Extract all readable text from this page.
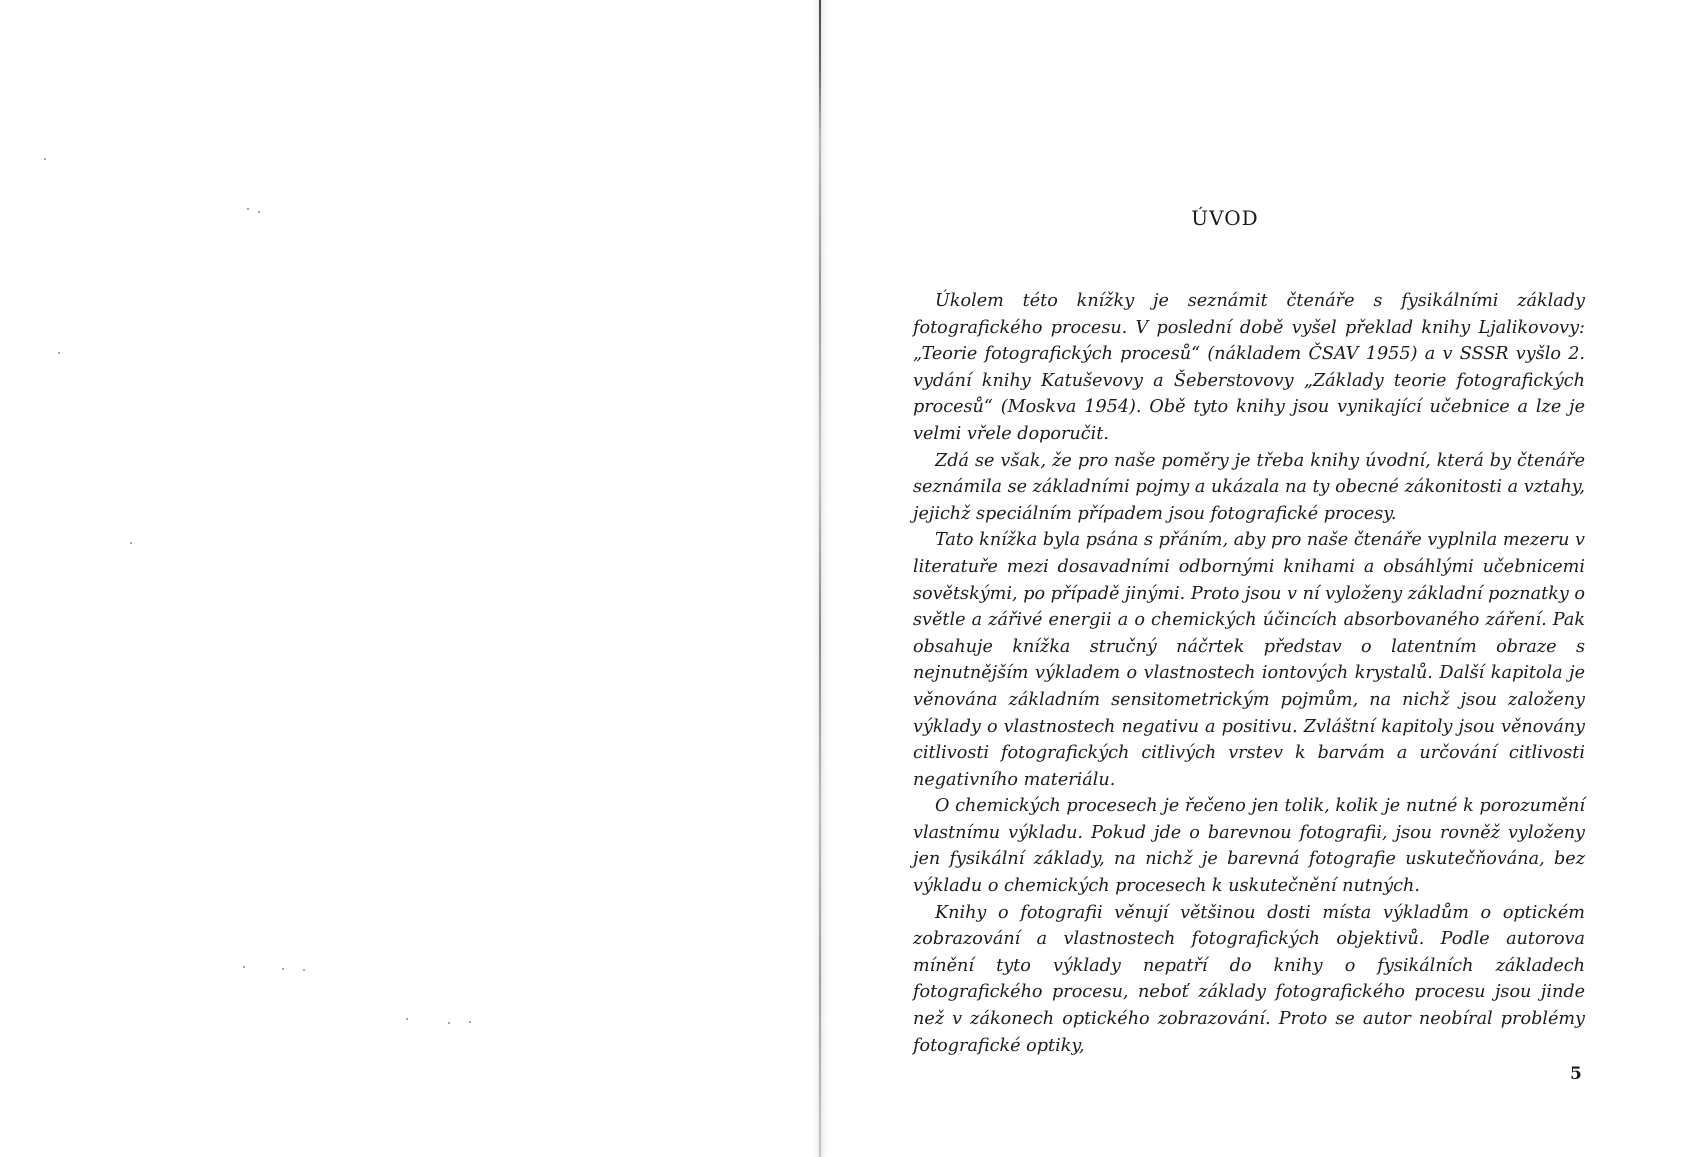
ÚVOD

Úkolem této knížky je seznámit čtenáře s fysikálními základy fotografického procesu. V poslední době vyšel překlad knihy Ljalikovovy: „Teorie fotografických procesů“ (nákladem ČSAV 1955) a v SSSR vyšlo 2. vydání knihy Katuševovy a Šeberstovovy „Základy teorie fotografických procesů“ (Moskva 1954). Obě tyto knihy jsou vynikající učebnice a lze je velmi vřele doporučit.

Zdá se však, že pro naše poměry je třeba knihy úvodní, která by čtenáře seznámila se základními pojmy a ukázala na ty obecné zákonitosti a vztahy, jejichž speciálním případem jsou fotografické procesy.

Tato knížka byla psána s přáním, aby pro naše čtenáře vyplnila mezeru v literatuře mezi dosavadními odbornými knihami a obsáhlými učebnicemi sovětskými, po případě jinými. Proto jsou v ní vyloženy základní poznatky o světle a zářivé energii a o chemických účincích absorbovaného záření. Pak obsahuje knížka stručný náčrtek představ o latentním obraze s nejnutnějším výkladem o vlastnostech iontových krystalů. Další kapitola je věnována základním sensitometrickým pojmům, na nichž jsou založeny výklady o vlastnostech negativu a positivu. Zvláštní kapitoly jsou věnovány citlivosti fotografických citlivých vrstev k barvám a určování citlivosti negativního materiálu.

O chemických procesech je řečeno jen tolik, kolik je nutné k porozumění vlastnímu výkladu. Pokud jde o barevnou fotografii, jsou rovněž vyloženy jen fysikální základy, na nichž je barevná fotografie uskutečňována, bez výkladu o chemických procesech k uskutečnění nutných.

Knihy o fotografii věnují většinou dosti místa výkladům o optickém zobrazování a vlastnostech fotografických objektivů. Podle autorova mínění tyto výklady nepatří do knihy o fysikálních základech fotografického procesu, neboť základy fotografického procesu jsou jinde než v zákonech optického zobrazování. Proto se autor neobíral problémy fotografické optiky,

5
